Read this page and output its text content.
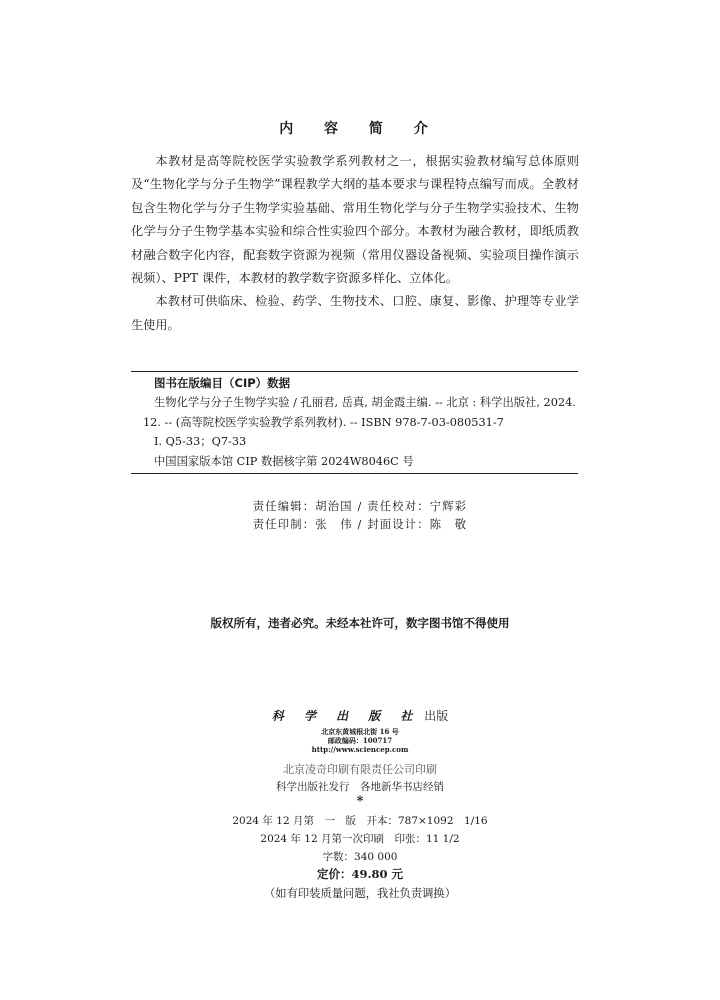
内 容 简 介

本教材是高等院校医学实验教学系列教材之一，根据实验教材编写总体原则及“生物化学与分子生物学”课程教学大纲的基本要求与课程特点编写而成。全教材包含生物化学与分子生物学实验基础、常用生物化学与分子生物学实验技术、生物化学与分子生物学基本实验和综合性实验四个部分。本教材为融合教材，即纸质教材融合数字化内容，配套数字资源为视频（常用仪器设备视频、实验项目操作演示视频）、PPT 课件，本教材的教学数字资源多样化、立体化。

本教材可供临床、检验、药学、生物技术、口腔、康复、影像、护理等专业学生使用。

图书在版编目（CIP）数据

生物化学与分子生物学实验 / 孔丽君, 岳真, 胡金霞主编. -- 北京 : 科学出版社, 2024. 12. -- (高等院校医学实验教学系列教材). -- ISBN 978-7-03-080531-7

Ⅰ. Q5-33；Q7-33

中国国家版本馆 CIP 数据核字第 2024W8046C 号

责任编辑：胡治国 / 责任校对：宁辉彩
责任印制：张　伟 / 封面设计：陈　敬
版权所有，违者必究。未经本社许可，数字图书馆不得使用
科 学 出 版 社 出版
北京东黄城根北街 16 号
邮政编码：100717
http://www.sciencep.com
北京凌奇印刷有限责任公司印刷
科学出版社发行　各地新华书店经销
*
2024 年 12 月第　一　版　开本：787×1092　1/16
2024 年 12 月第一次印刷　印张：11 1/2
字数：340 000
定价：49.80 元
（如有印装质量问题，我社负责调换）
